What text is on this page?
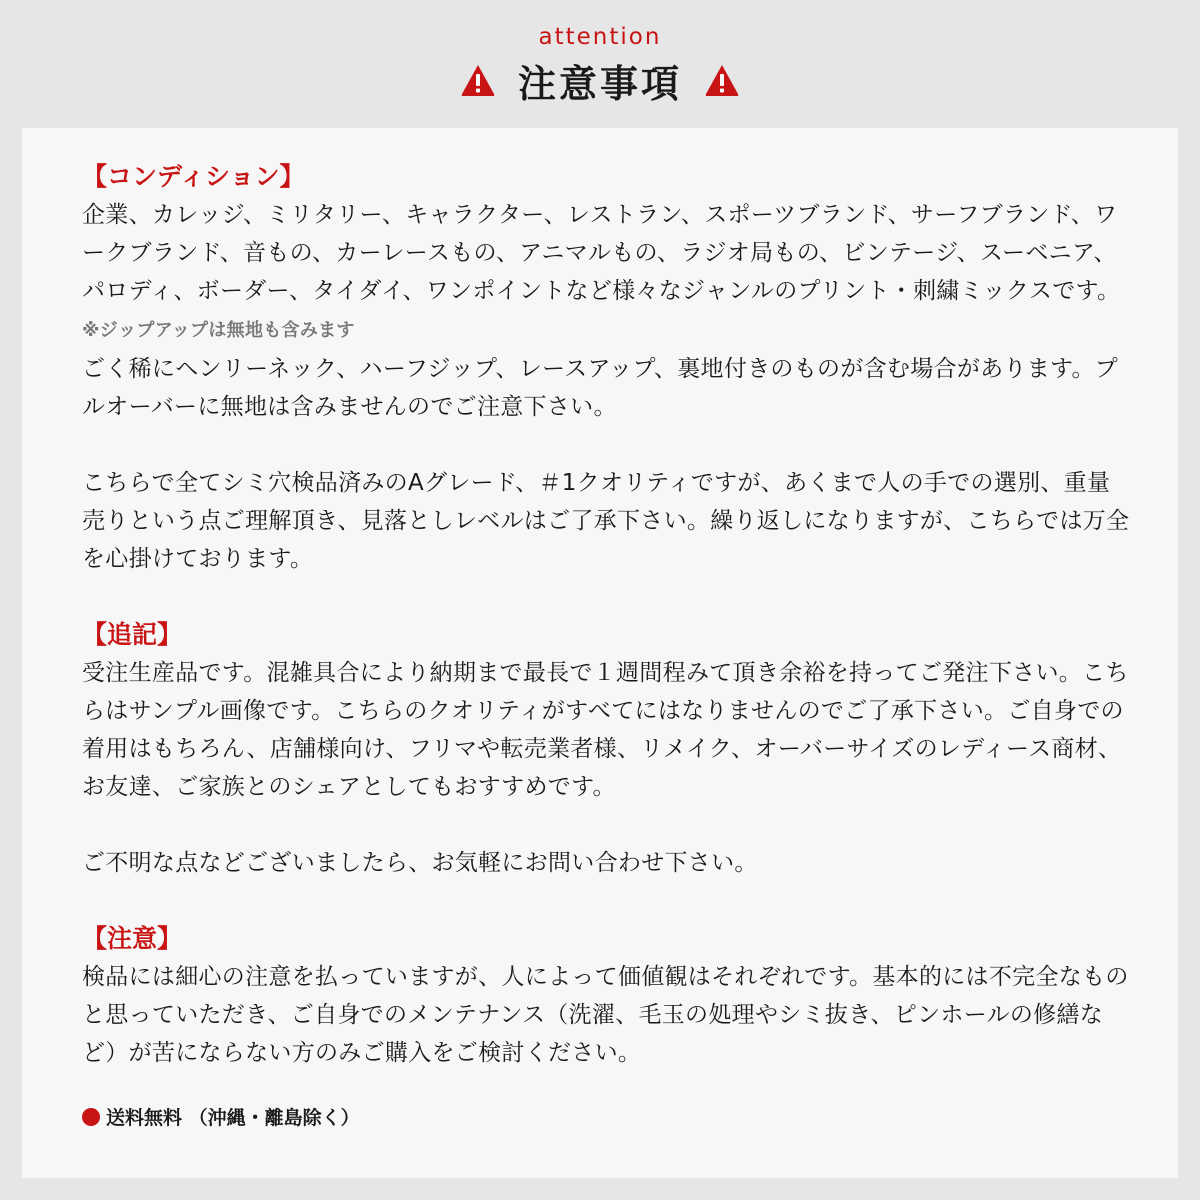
attention
注意事項

【コンディション】

企業、カレッジ、ミリタリー、キャラクター、レストラン、スポーツブランド、サーフブランド、ワークブランド、音もの、カーレースもの、アニマルもの、ラジオ局もの、ビンテージ、スーベニア、パロディ、ボーダー、タイダイ、ワンポイントなど様々なジャンルのプリント・刺繍ミックスです。※ジップアップは無地も含みます

ごく稀にヘンリーネック、ハーフジップ、レースアップ、裏地付きのものが含む場合があります。プルオーバーに無地は含みませんのでご注意下さい。

こちらで全てシミ穴検品済みのAグレード、＃1クオリティですが、あくまで人の手での選別、重量売りという点ご理解頂き、見落としレベルはご了承下さい。繰り返しになりますが、こちらでは万全を心掛けております。

【追記】

受注生産品です。混雑具合により納期まで最長で１週間程みて頂き余裕を持ってご発注下さい。こちらはサンプル画像です。こちらのクオリティがすべてにはなりませんのでご了承下さい。ご自身での着用はもちろん、店舗様向け、フリマや転売業者様、リメイク、オーバーサイズのレディース商材、お友達、ご家族とのシェアとしてもおすすめです。

ご不明な点などございましたら、お気軽にお問い合わせ下さい。

【注意】

検品には細心の注意を払っていますが、人によって価値観はそれぞれです。基本的には不完全なものと思っていただき、ご自身でのメンテナンス（洗濯、毛玉の処理やシミ抜き、ピンホールの修繕など）が苦にならない方のみご購入をご検討ください。

送料無料 （沖縄・離島除く）
